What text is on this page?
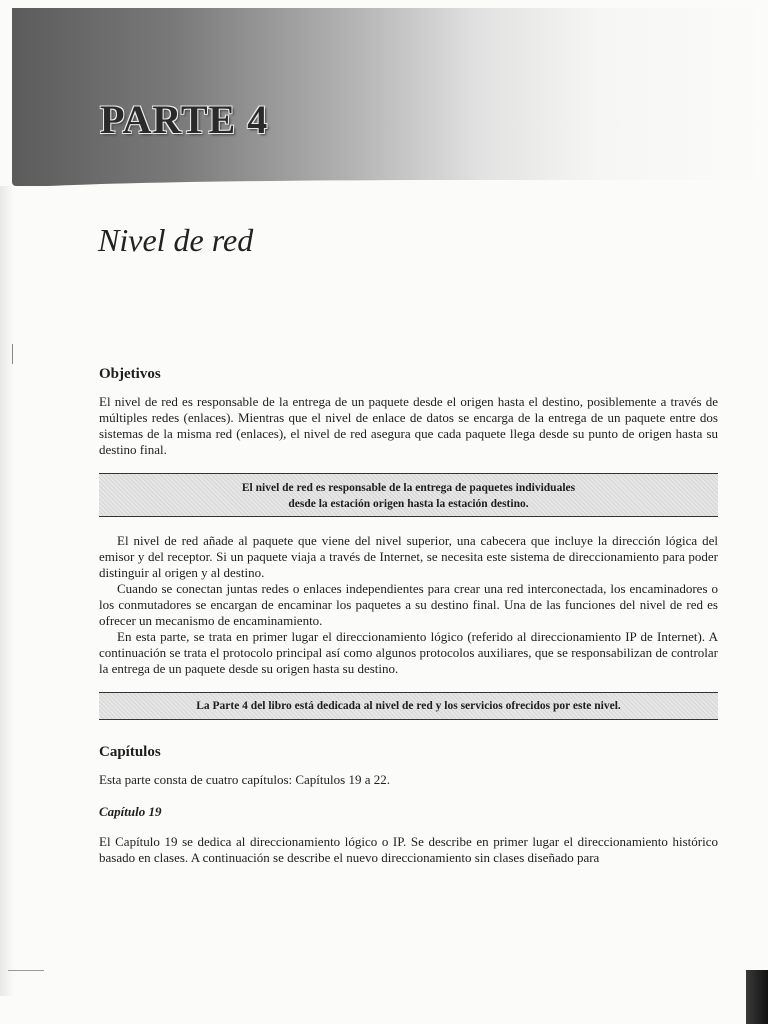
PARTE 4
Nivel de red
Objetivos

El nivel de red es responsable de la entrega de un paquete desde el origen hasta el destino, posiblemente a través de múltiples redes (enlaces). Mientras que el nivel de enlace de datos se encarga de la entrega de un paquete entre dos sistemas de la misma red (enlaces), el nivel de red asegura que cada paquete llega desde su punto de origen hasta su destino final.

El nivel de red es responsable de la entrega de paquetes individuales
desde la estación origen hasta la estación destino.

El nivel de red añade al paquete que viene del nivel superior, una cabecera que incluye la dirección lógica del emisor y del receptor. Si un paquete viaja a través de Internet, se necesita este sistema de direccionamiento para poder distinguir al origen y al destino.

Cuando se conectan juntas redes o enlaces independientes para crear una red interconectada, los encaminadores o los conmutadores se encargan de encaminar los paquetes a su destino final. Una de las funciones del nivel de red es ofrecer un mecanismo de encaminamiento.

En esta parte, se trata en primer lugar el direccionamiento lógico (referido al direccionamiento IP de Internet). A continuación se trata el protocolo principal así como algunos protocolos auxiliares, que se responsabilizan de controlar la entrega de un paquete desde su origen hasta su destino.

La Parte 4 del libro está dedicada al nivel de red y los servicios ofrecidos por este nivel.
Capítulos

Esta parte consta de cuatro capítulos: Capítulos 19 a 22.

Capítulo 19

El Capítulo 19 se dedica al direccionamiento lógico o IP. Se describe en primer lugar el direccionamiento histórico basado en clases. A continuación se describe el nuevo direccionamiento sin clases diseñado para
